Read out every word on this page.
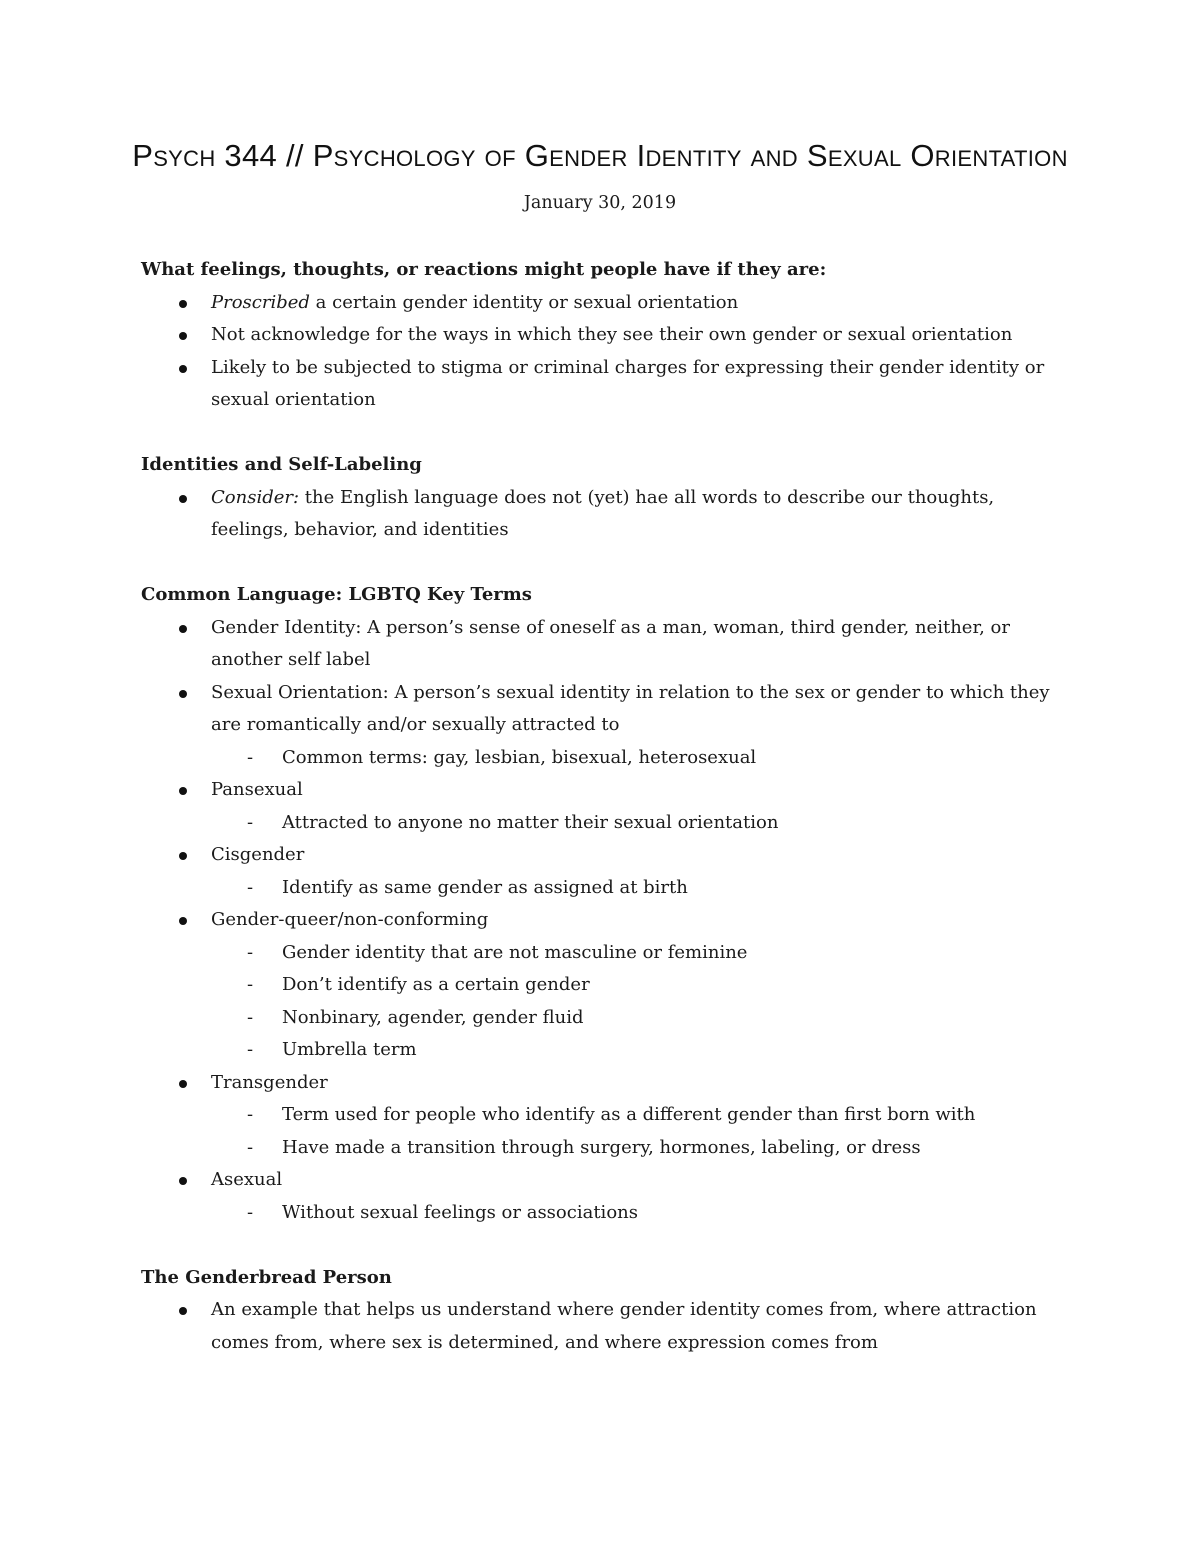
Psych 344 // Psychology of Gender Identity and Sexual Orientation
January 30, 2019
What feelings, thoughts, or reactions might people have if they are:
Proscribed a certain gender identity or sexual orientation
Not acknowledge for the ways in which they see their own gender or sexual orientation
Likely to be subjected to stigma or criminal charges for expressing their gender identity or sexual orientation
Identities and Self-Labeling
Consider: the English language does not (yet) hae all words to describe our thoughts, feelings, behavior, and identities
Common Language: LGBTQ Key Terms
Gender Identity: A person’s sense of oneself as a man, woman, third gender, neither, or another self label
Sexual Orientation: A person’s sexual identity in relation to the sex or gender to which they are romantically and/or sexually attracted to
- Common terms: gay, lesbian, bisexual, heterosexual
Pansexual
- Attracted to anyone no matter their sexual orientation
Cisgender
- Identify as same gender as assigned at birth
Gender-queer/non-conforming
- Gender identity that are not masculine or feminine
- Don’t identify as a certain gender
- Nonbinary, agender, gender fluid
- Umbrella term
Transgender
- Term used for people who identify as a different gender than first born with
- Have made a transition through surgery, hormones, labeling, or dress
Asexual
- Without sexual feelings or associations
The Genderbread Person
An example that helps us understand where gender identity comes from, where attraction comes from, where sex is determined, and where expression comes from
